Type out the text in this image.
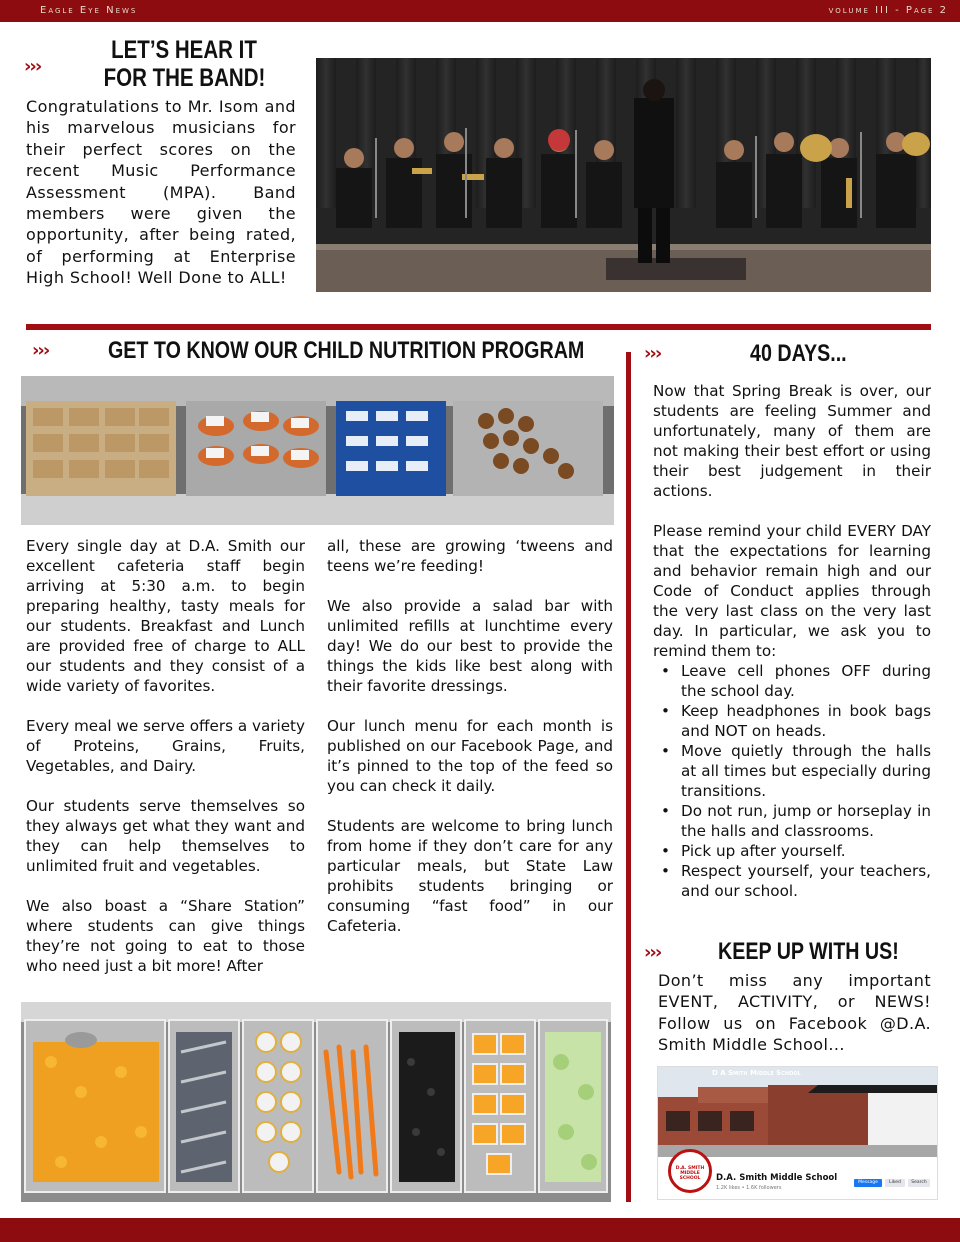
Eagle Eye News	volume III - Page 2
›››
LET’S HEAR IT
FOR THE BAND!
Congratulations to Mr. Isom and his marvelous musicians for their perfect scores on the recent Music Performance Assessment (MPA). Band members were given the opportunity, after being rated, of performing at Enterprise High School! Well Done to ALL!
››› GET TO KNOW OUR CHILD NUTRITION PROGRAM
Every single day at D.A. Smith our excellent cafeteria staff begin arriving at 5:30 a.m. to begin preparing healthy, tasty meals for our students. Breakfast and Lunch are provided free of charge to ALL our students and they consist of a wide variety of favorites.
Every meal we serve offers a variety of Proteins, Grains, Fruits, Vegetables, and Dairy.
Our students serve themselves so they always get what they want and they can help themselves to unlimited fruit and vegetables.
We also boast a “Share Station” where students can give things they’re not going to eat to those who need just a bit more! After
all, these are growing ‘tweens and teens we’re feeding!
We also provide a salad bar with unlimited refills at lunchtime every day! We do our best to provide the things the kids like best along with their favorite dressings.
Our lunch menu for each month is published on our Facebook Page, and it’s pinned to the top of the feed so you can check it daily.
Students are welcome to bring lunch from home if they don’t care for any particular meals, but State Law prohibits students bringing or consuming “fast food” in our Cafeteria.
›››	40 DAYS...
Now that Spring Break is over, our students are feeling Summer and unfortunately, many of them are not making their best effort or using their best judgement in their actions.
Please remind your child EVERY DAY that the expectations for learning and behavior remain high and our Code of Conduct applies through the very last class on the very last day. In particular, we ask you to remind them to:
• Leave cell phones OFF during the school day.
• Keep headphones in book bags and NOT on heads.
• Move quietly through the halls at all times but especially during transitions.
• Do not run, jump or horseplay in the halls and classrooms.
• Pick up after yourself.
• Respect yourself, your teachers, and our school.
››› KEEP UP WITH US!
Don’t miss any important EVENT, ACTIVITY, or NEWS! Follow us on Facebook @D.A. Smith Middle School...
D A Smith Middle School
D.A. SMITH MIDDLE SCHOOL	D.A. Smith Middle School
1.2K likes • 1.6K followers
Message	Liked	Search
